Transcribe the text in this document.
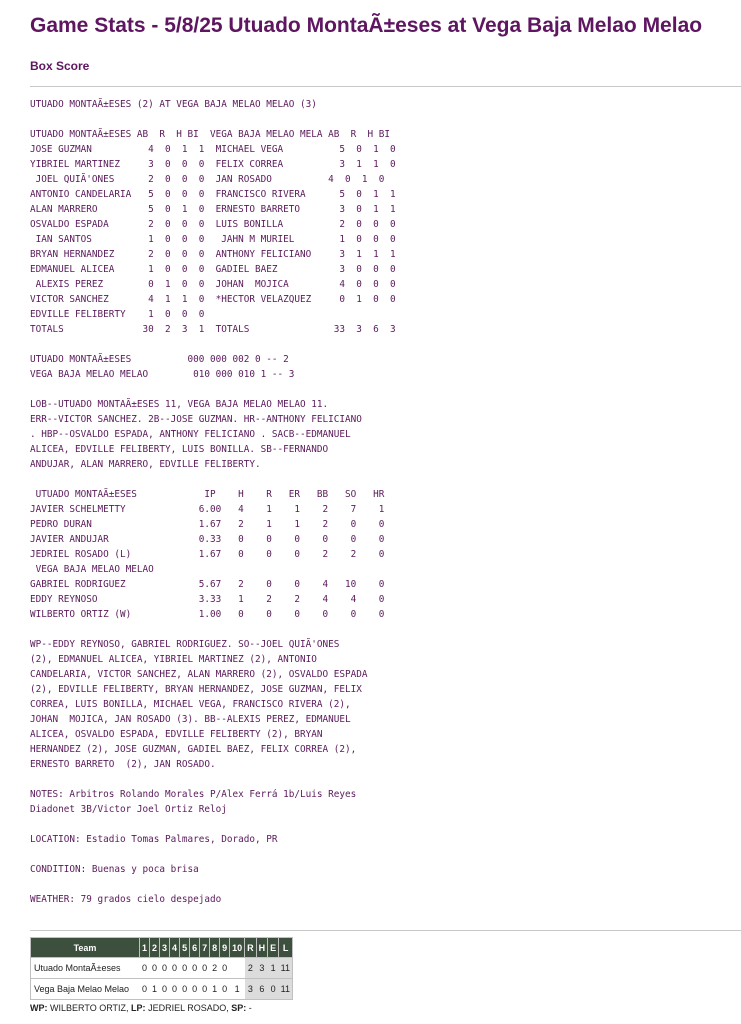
Game Stats - 5/8/25 Utuado MontaÃ±eses at Vega Baja Melao Melao
Box Score
UTUADO MONTAÃ±ESES (2) AT VEGA BAJA MELAO MELAO (3)

UTUADO MONTAÃ±ESES AB  R  H BI  VEGA BAJA MELAO MELA AB  R  H BI
JOSE GUZMAN          4  0  1  1  MICHAEL VEGA          5  0  1  0
YIBRIEL MARTINEZ     3  0  0  0  FELIX CORREA          3  1  1  0
JOEL QUIÃ'ONES      2  0  0  0  JAN ROSADO          4  0  1  0
ANTONIO CANDELARIA   5  0  0  0  FRANCISCO RIVERA      5  0  1  1
ALAN MARRERO         5  0  1  0  ERNESTO BARRETO       3  0  1  1
OSVALDO ESPADA       2  0  0  0  LUIS BONILLA          2  0  0  0
IAN SANTOS          1  0  0  0   JAHN M MURIEL        1  0  0  0
BRYAN HERNANDEZ      2  0  0  0  ANTHONY FELICIANO     3  1  1  1
EDMANUEL ALICEA      1  0  0  0  GADIEL BAEZ           3  0  0  0
ALEXIS PEREZ        0  1  0  0  JOHAN  MOJICA         4  0  0  0
VICTOR SANCHEZ       4  1  1  0  *HECTOR VELAZQUEZ     0  1  0  0
EDVILLE FELIBERTY    1  0  0  0
TOTALS              30  2  3  1  TOTALS               33  3  6  3

UTUADO MONTAÃ±ESES          000 000 002 0 -- 2
VEGA BAJA MELAO MELAO        010 000 010 1 -- 3

LOB--UTUADO MONTAÃ±ESES 11, VEGA BAJA MELAO MELAO 11.
ERR--VICTOR SANCHEZ. 2B--JOSE GUZMAN. HR--ANTHONY FELICIANO
. HBP--OSVALDO ESPADA, ANTHONY FELICIANO . SACB--EDMANUEL
ALICEA, EDVILLE FELIBERTY, LUIS BONILLA. SB--FERNANDO
ANDUJAR, ALAN MARRERO, EDVILLE FELIBERTY.

UTUADO MONTAÃ±ESES            IP    H    R   ER   BB   SO   HR
JAVIER SCHELMETTY             6.00   4    1    1    2    7    1
PEDRO DURAN                   1.67   2    1    1    2    0    0
JAVIER ANDUJAR                0.33   0    0    0    0    0    0
JEDRIEL ROSADO (L)            1.67   0    0    0    2    2    0
VEGA BAJA MELAO MELAO
GABRIEL RODRIGUEZ             5.67   2    0    0    4   10    0
EDDY REYNOSO                  3.33   1    2    2    4    4    0
WILBERTO ORTIZ (W)            1.00   0    0    0    0    0    0

WP--EDDY REYNOSO, GABRIEL RODRIGUEZ. SO--JOEL QUIÃ'ONES
(2), EDMANUEL ALICEA, YIBRIEL MARTINEZ (2), ANTONIO
CANDELARIA, VICTOR SANCHEZ, ALAN MARRERO (2), OSVALDO ESPADA
(2), EDVILLE FELIBERTY, BRYAN HERNANDEZ, JOSE GUZMAN, FELIX
CORREA, LUIS BONILLA, MICHAEL VEGA, FRANCISCO RIVERA (2),
JOHAN  MOJICA, JAN ROSADO (3). BB--ALEXIS PEREZ, EDMANUEL
ALICEA, OSVALDO ESPADA, EDVILLE FELIBERTY (2), BRYAN
HERNANDEZ (2), JOSE GUZMAN, GADIEL BAEZ, FELIX CORREA (2),
ERNESTO BARRETO  (2), JAN ROSADO.

NOTES: Arbitros Rolando Morales P/Alex Ferrá 1b/Luis Reyes
Diadonet 3B/Victor Joel Ortiz Reloj

LOCATION: Estadio Tomas Palmares, Dorado, PR

CONDITION: Buenas y poca brisa

WEATHER: 79 grados cielo despejado

Team	1	2	3	4	5	6	7	8	9	10	R	H	E	L
Utuado MontaÃ±eses	0	0	0	0	0	0	0	2	0		2	3	1	11
Vega Baja Melao Melao	0	1	0	0	0	0	0	1	0	1	3	6	0	11
WP: WILBERTO ORTIZ, LP: JEDRIEL ROSADO, SP: -
